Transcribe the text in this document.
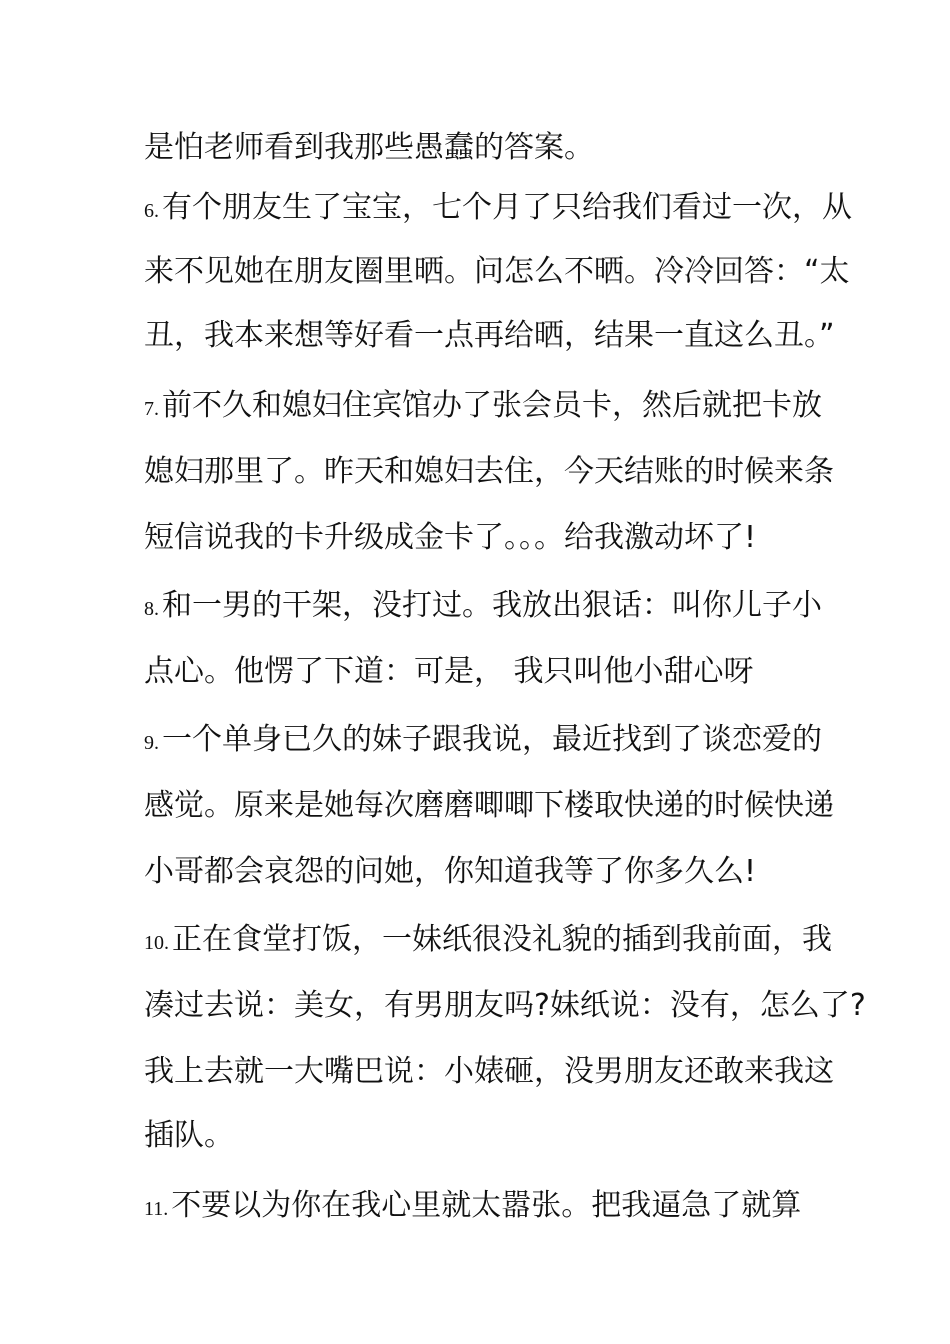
是怕老师看到我那些愚蠢的答案。
6. 有个朋友生了宝宝，七个月了只给我们看过一次，从
来不见她在朋友圈里晒。问怎么不晒。冷冷回答：“太
丑，我本来想等好看一点再给晒，结果一直这么丑。”
7. 前不久和媳妇住宾馆办了张会员卡，然后就把卡放
媳妇那里了。昨天和媳妇去住，今天结账的时候来条
短信说我的卡升级成金卡了。。。给我激动坏了!
8. 和一男的干架，没打过。我放出狠话：叫你儿子小
点心。他愣了下道：可是， 我只叫他小甜心呀
9. 一个单身已久的妹子跟我说，最近找到了谈恋爱的
感觉。原来是她每次磨磨唧唧下楼取快递的时候快递
小哥都会哀怨的问她，你知道我等了你多久么!
10. 正在食堂打饭，一妹纸很没礼貌的插到我前面，我
凑过去说：美女，有男朋友吗?妹纸说：没有，怎么了?
我上去就一大嘴巴说：小婊砸，没男朋友还敢来我这
插队。
11. 不要以为你在我心里就太嚣张。把我逼急了就算
